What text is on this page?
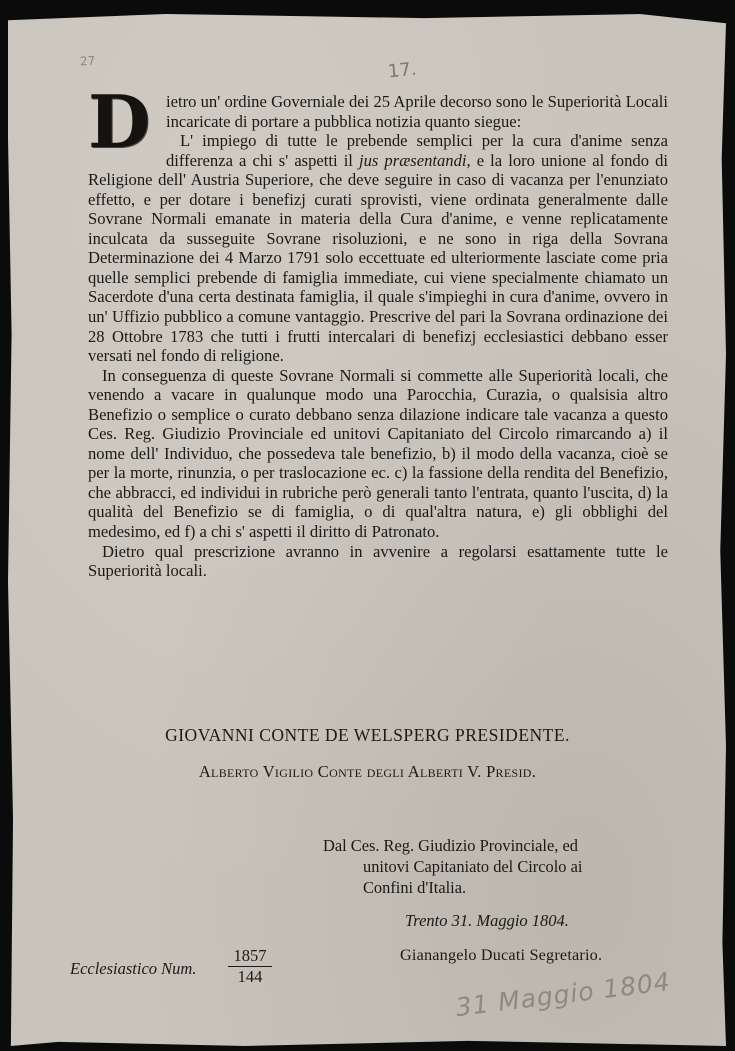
27	17.
D ietro un' ordine Governiale dei 25 Aprile decorso sono le Superiorità Locali incaricate di portare a pubblica notizia quanto siegue:

L' impiego di tutte le prebende semplici per la cura d'anime senza differenza a chi s' aspetti il jus præsentandi, e la loro unione al fondo di Religione dell' Austria Superiore, che deve seguire in caso di vacanza per l'enunziato effetto, e per dotare i benefizj curati sprovisti, viene ordinata generalmente dalle Sovrane Normali emanate in materia della Cura d'anime, e venne replicatamente inculcata da susseguite Sovrane risoluzioni, e ne sono in riga della Sovrana Determinazione dei 4 Marzo 1791 solo eccettuate ed ulteriormente lasciate come pria quelle semplici prebende di famiglia immediate, cui viene specialmente chiamato un Sacerdote d'una certa destinata famiglia, il quale s'impieghi in cura d'anime, ovvero in un' Uffizio pubblico a comune vantaggio. Prescrive del pari la Sovrana ordinazione dei 28 Ottobre 1783 che tutti i frutti intercalari di benefizj ecclesiastici debbano esser versati nel fondo di religione.

In conseguenza di queste Sovrane Normali si commette alle Superiorità locali, che venendo a vacare in qualunque modo una Parocchia, Curazia, o qualsisia altro Benefizio o semplice o curato debbano senza dilazione indicare tale vacanza a questo Ces. Reg. Giudizio Provinciale ed unitovi Capitaniato del Circolo rimarcando a) il nome dell' Individuo, che possedeva tale benefizio, b) il modo della vacanza, cioè se per la morte, rinunzia, o per traslocazione ec. c) la fassione della rendita del Benefizio, che abbracci, ed individui in rubriche però generali tanto l'entrata, quanto l'uscita, d) la qualità del Benefizio se di famiglia, o di qual'altra natura, e) gli obblighi del medesimo, ed f) a chi s' aspetti il diritto di Patronato.

Dietro qual prescrizione avranno in avvenire a regolarsi esattamente tutte le Superiorità locali.

GIOVANNI CONTE DE WELSPERG PRESIDENTE.
Alberto Vigilio Conte degli Alberti V. Presid.
Dal Ces. Reg. Giudizio Provinciale, ed
unitovi Capitaniato del Circolo ai
Confini d'Italia.
Trento 31. Maggio 1804.
Gianangelo Ducati Segretario.
Ecclesiastico Num. $\frac{1857}{144}$
31 Maggio 1804
